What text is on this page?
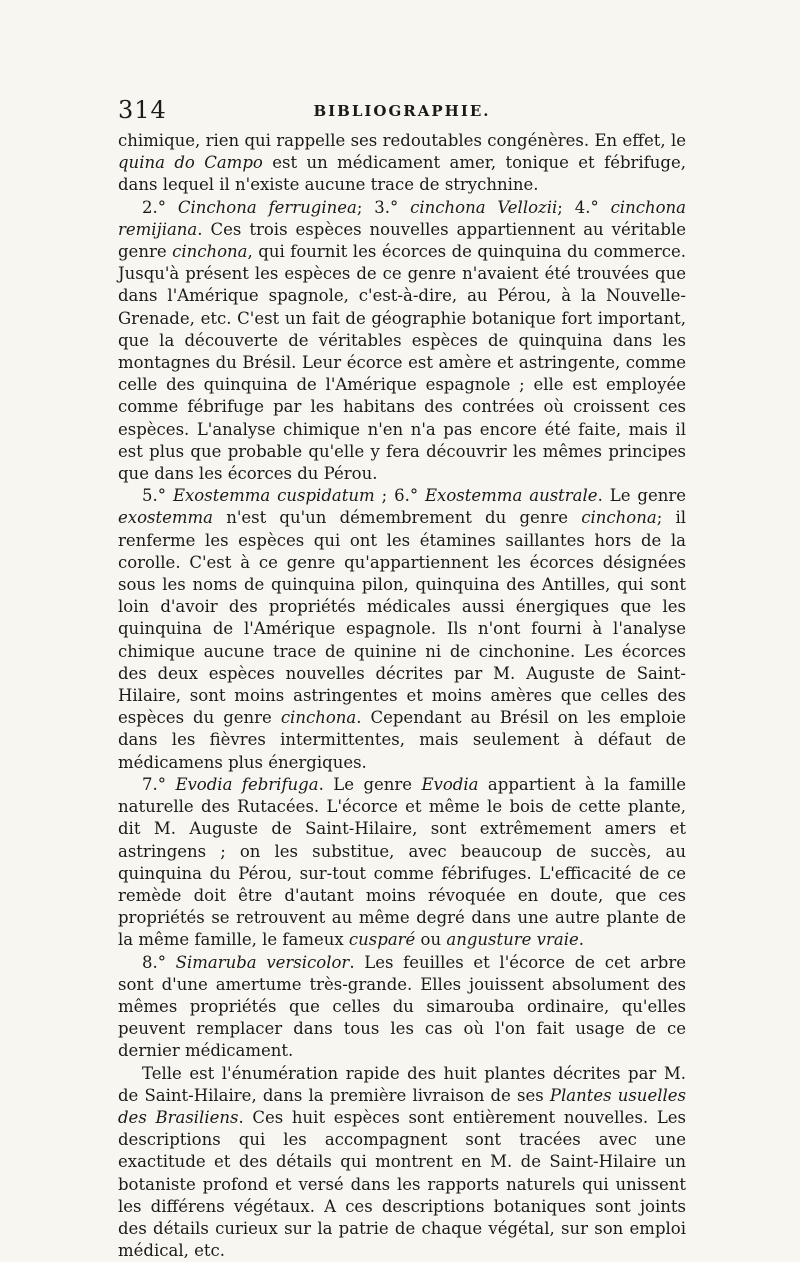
314	BIBLIOGRAPHIE.

chimique, rien qui rappelle ses redoutables congénères. En effet, le quina do Campo est un médicament amer, tonique et fébrifuge, dans lequel il n'existe aucune trace de strychnine.

2.° Cinchona ferruginea; 3.° cinchona Vellozii; 4.° cinchona remijiana. Ces trois espèces nouvelles appartiennent au véritable genre cinchona, qui fournit les écorces de quinquina du commerce. Jusqu'à présent les espèces de ce genre n'avaient été trouvées que dans l'Amérique spagnole, c'est-à-dire, au Pérou, à la Nouvelle-Grenade, etc. C'est un fait de géographie botanique fort important, que la découverte de véritables espèces de quinquina dans les montagnes du Brésil. Leur écorce est amère et astringente, comme celle des quinquina de l'Amérique espagnole ; elle est employée comme fébrifuge par les habitans des contrées où croissent ces espèces. L'analyse chimique n'en n'a pas encore été faite, mais il est plus que probable qu'elle y fera découvrir les mêmes principes que dans les écorces du Pérou.

5.° Exostemma cuspidatum ; 6.° Exostemma australe. Le genre exostemma n'est qu'un démembrement du genre cinchona; il renferme les espèces qui ont les étamines saillantes hors de la corolle. C'est à ce genre qu'appartiennent les écorces désignées sous les noms de quinquina pilon, quinquina des Antilles, qui sont loin d'avoir des propriétés médicales aussi énergiques que les quinquina de l'Amérique espagnole. Ils n'ont fourni à l'analyse chimique aucune trace de quinine ni de cinchonine. Les écorces des deux espèces nouvelles décrites par M. Auguste de Saint-Hilaire, sont moins astringentes et moins amères que celles des espèces du genre cinchona. Cependant au Brésil on les emploie dans les fièvres intermittentes, mais seulement à défaut de médicamens plus énergiques.

7.° Evodia febrifuga. Le genre Evodia appartient à la famille naturelle des Rutacées. L'écorce et même le bois de cette plante, dit M. Auguste de Saint-Hilaire, sont extrêmement amers et astringens ; on les substitue, avec beaucoup de succès, au quinquina du Pérou, sur-tout comme fébrifuges. L'efficacité de ce remède doit être d'autant moins révoquée en doute, que ces propriétés se retrouvent au même degré dans une autre plante de la même famille, le fameux cusparé ou angusture vraie.

8.° Simaruba versicolor. Les feuilles et l'écorce de cet arbre sont d'une amertume très-grande. Elles jouissent absolument des mêmes propriétés que celles du simarouba ordinaire, qu'elles peuvent remplacer dans tous les cas où l'on fait usage de ce dernier médicament.

Telle est l'énumération rapide des huit plantes décrites par M. de Saint-Hilaire, dans la première livraison de ses Plantes usuelles des Brasiliens. Ces huit espèces sont entièrement nouvelles. Les descriptions qui les accompagnent sont tracées avec une exactitude et des détails qui montrent en M. de Saint-Hilaire un botaniste profond et versé dans les rapports naturels qui unissent les différens végétaux. A ces descriptions botaniques sont joints des détails curieux sur la patrie de chaque végétal, sur son emploi médical, etc.
